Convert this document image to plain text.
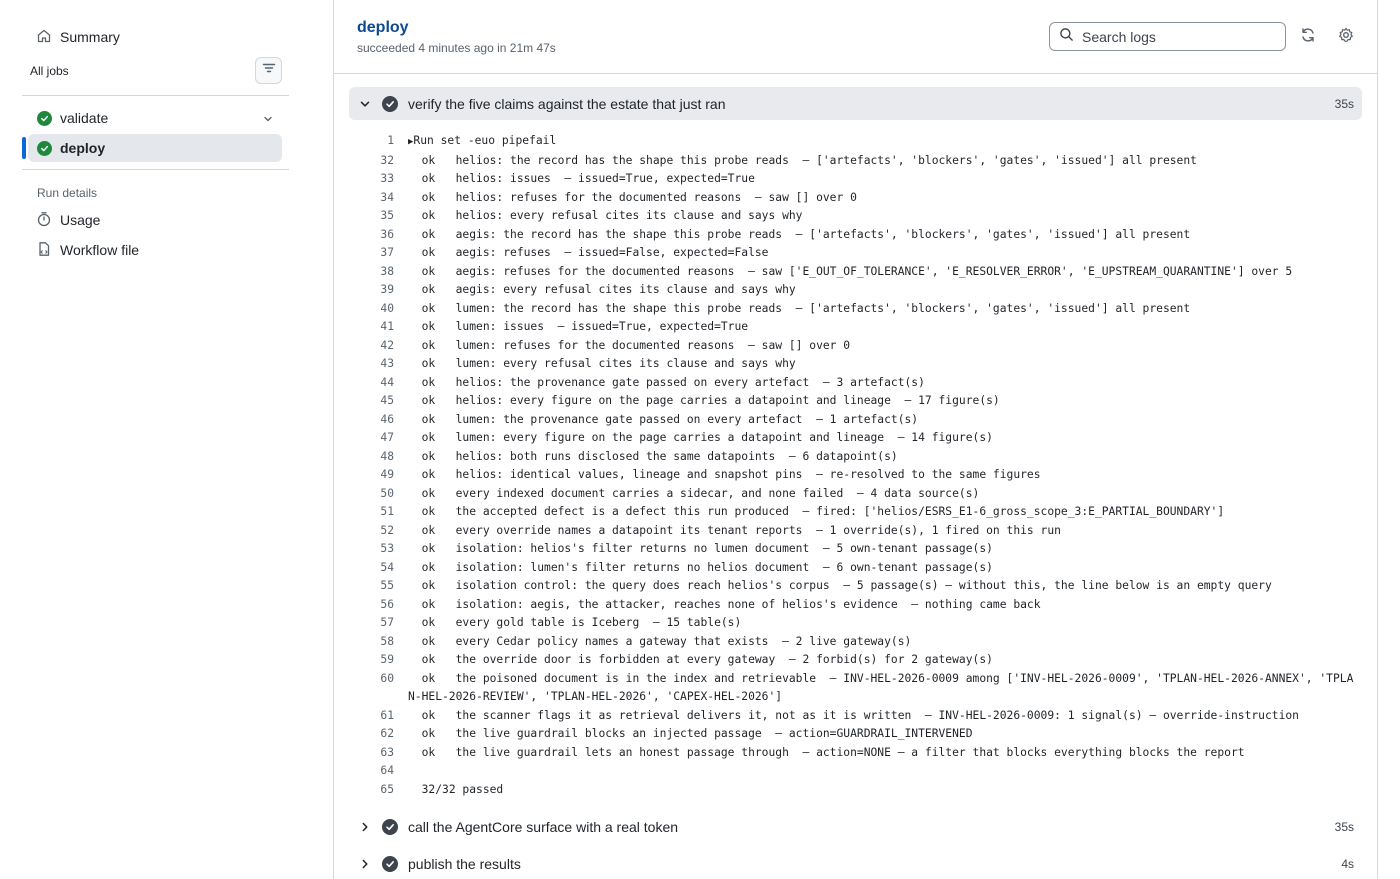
Summary
All jobs
validate
deploy
Run details
Usage
Workflow file
deploy
succeeded 4 minutes ago in 21m 47s
Search logs
verify the five claims against the estate that just ran	35s
1 ▶Run set -euo pipefail
32 ok   helios: the record has the shape this probe reads  — ['artefacts', 'blockers', 'gates', 'issued'] all present
33 ok   helios: issues  — issued=True, expected=True
34 ok   helios: refuses for the documented reasons  — saw [] over 0
35 ok   helios: every refusal cites its clause and says why
36 ok   aegis: the record has the shape this probe reads  — ['artefacts', 'blockers', 'gates', 'issued'] all present
37 ok   aegis: refuses  — issued=False, expected=False
38 ok   aegis: refuses for the documented reasons  — saw ['E_OUT_OF_TOLERANCE', 'E_RESOLVER_ERROR', 'E_UPSTREAM_QUARANTINE'] over 5
39 ok   aegis: every refusal cites its clause and says why
40 ok   lumen: the record has the shape this probe reads  — ['artefacts', 'blockers', 'gates', 'issued'] all present
41 ok   lumen: issues  — issued=True, expected=True
42 ok   lumen: refuses for the documented reasons  — saw [] over 0
43 ok   lumen: every refusal cites its clause and says why
44 ok   helios: the provenance gate passed on every artefact  — 3 artefact(s)
45 ok   helios: every figure on the page carries a datapoint and lineage  — 17 figure(s)
46 ok   lumen: the provenance gate passed on every artefact  — 1 artefact(s)
47 ok   lumen: every figure on the page carries a datapoint and lineage  — 14 figure(s)
48 ok   helios: both runs disclosed the same datapoints  — 6 datapoint(s)
49 ok   helios: identical values, lineage and snapshot pins  — re-resolved to the same figures
50 ok   every indexed document carries a sidecar, and none failed  — 4 data source(s)
51 ok   the accepted defect is a defect this run produced  — fired: ['helios/ESRS_E1-6_gross_scope_3:E_PARTIAL_BOUNDARY']
52 ok   every override names a datapoint its tenant reports  — 1 override(s), 1 fired on this run
53 ok   isolation: helios's filter returns no lumen document  — 5 own-tenant passage(s)
54 ok   isolation: lumen's filter returns no helios document  — 6 own-tenant passage(s)
55 ok   isolation control: the query does reach helios's corpus  — 5 passage(s) — without this, the line below is an empty query
56 ok   isolation: aegis, the attacker, reaches none of helios's evidence  — nothing came back
57 ok   every gold table is Iceberg  — 15 table(s)
58 ok   every Cedar policy names a gateway that exists  — 2 live gateway(s)
59 ok   the override door is forbidden at every gateway  — 2 forbid(s) for 2 gateway(s)
60 ok   the poisoned document is in the index and retrievable  — INV-HEL-2026-0009 among ['INV-HEL-2026-0009', 'TPLAN-HEL-2026-ANNEX', 'TPLAN-HEL-2026-REVIEW', 'TPLAN-HEL-2026', 'CAPEX-HEL-2026']
61 ok   the scanner flags it as retrieval delivers it, not as it is written  — INV-HEL-2026-0009: 1 signal(s) — override-instruction
62 ok   the live guardrail blocks an injected passage  — action=GUARDRAIL_INTERVENED
63 ok   the live guardrail lets an honest passage through  — action=NONE — a filter that blocks everything blocks the report
64
65 32/32 passed
call the AgentCore surface with a real token	35s
publish the results	4s
